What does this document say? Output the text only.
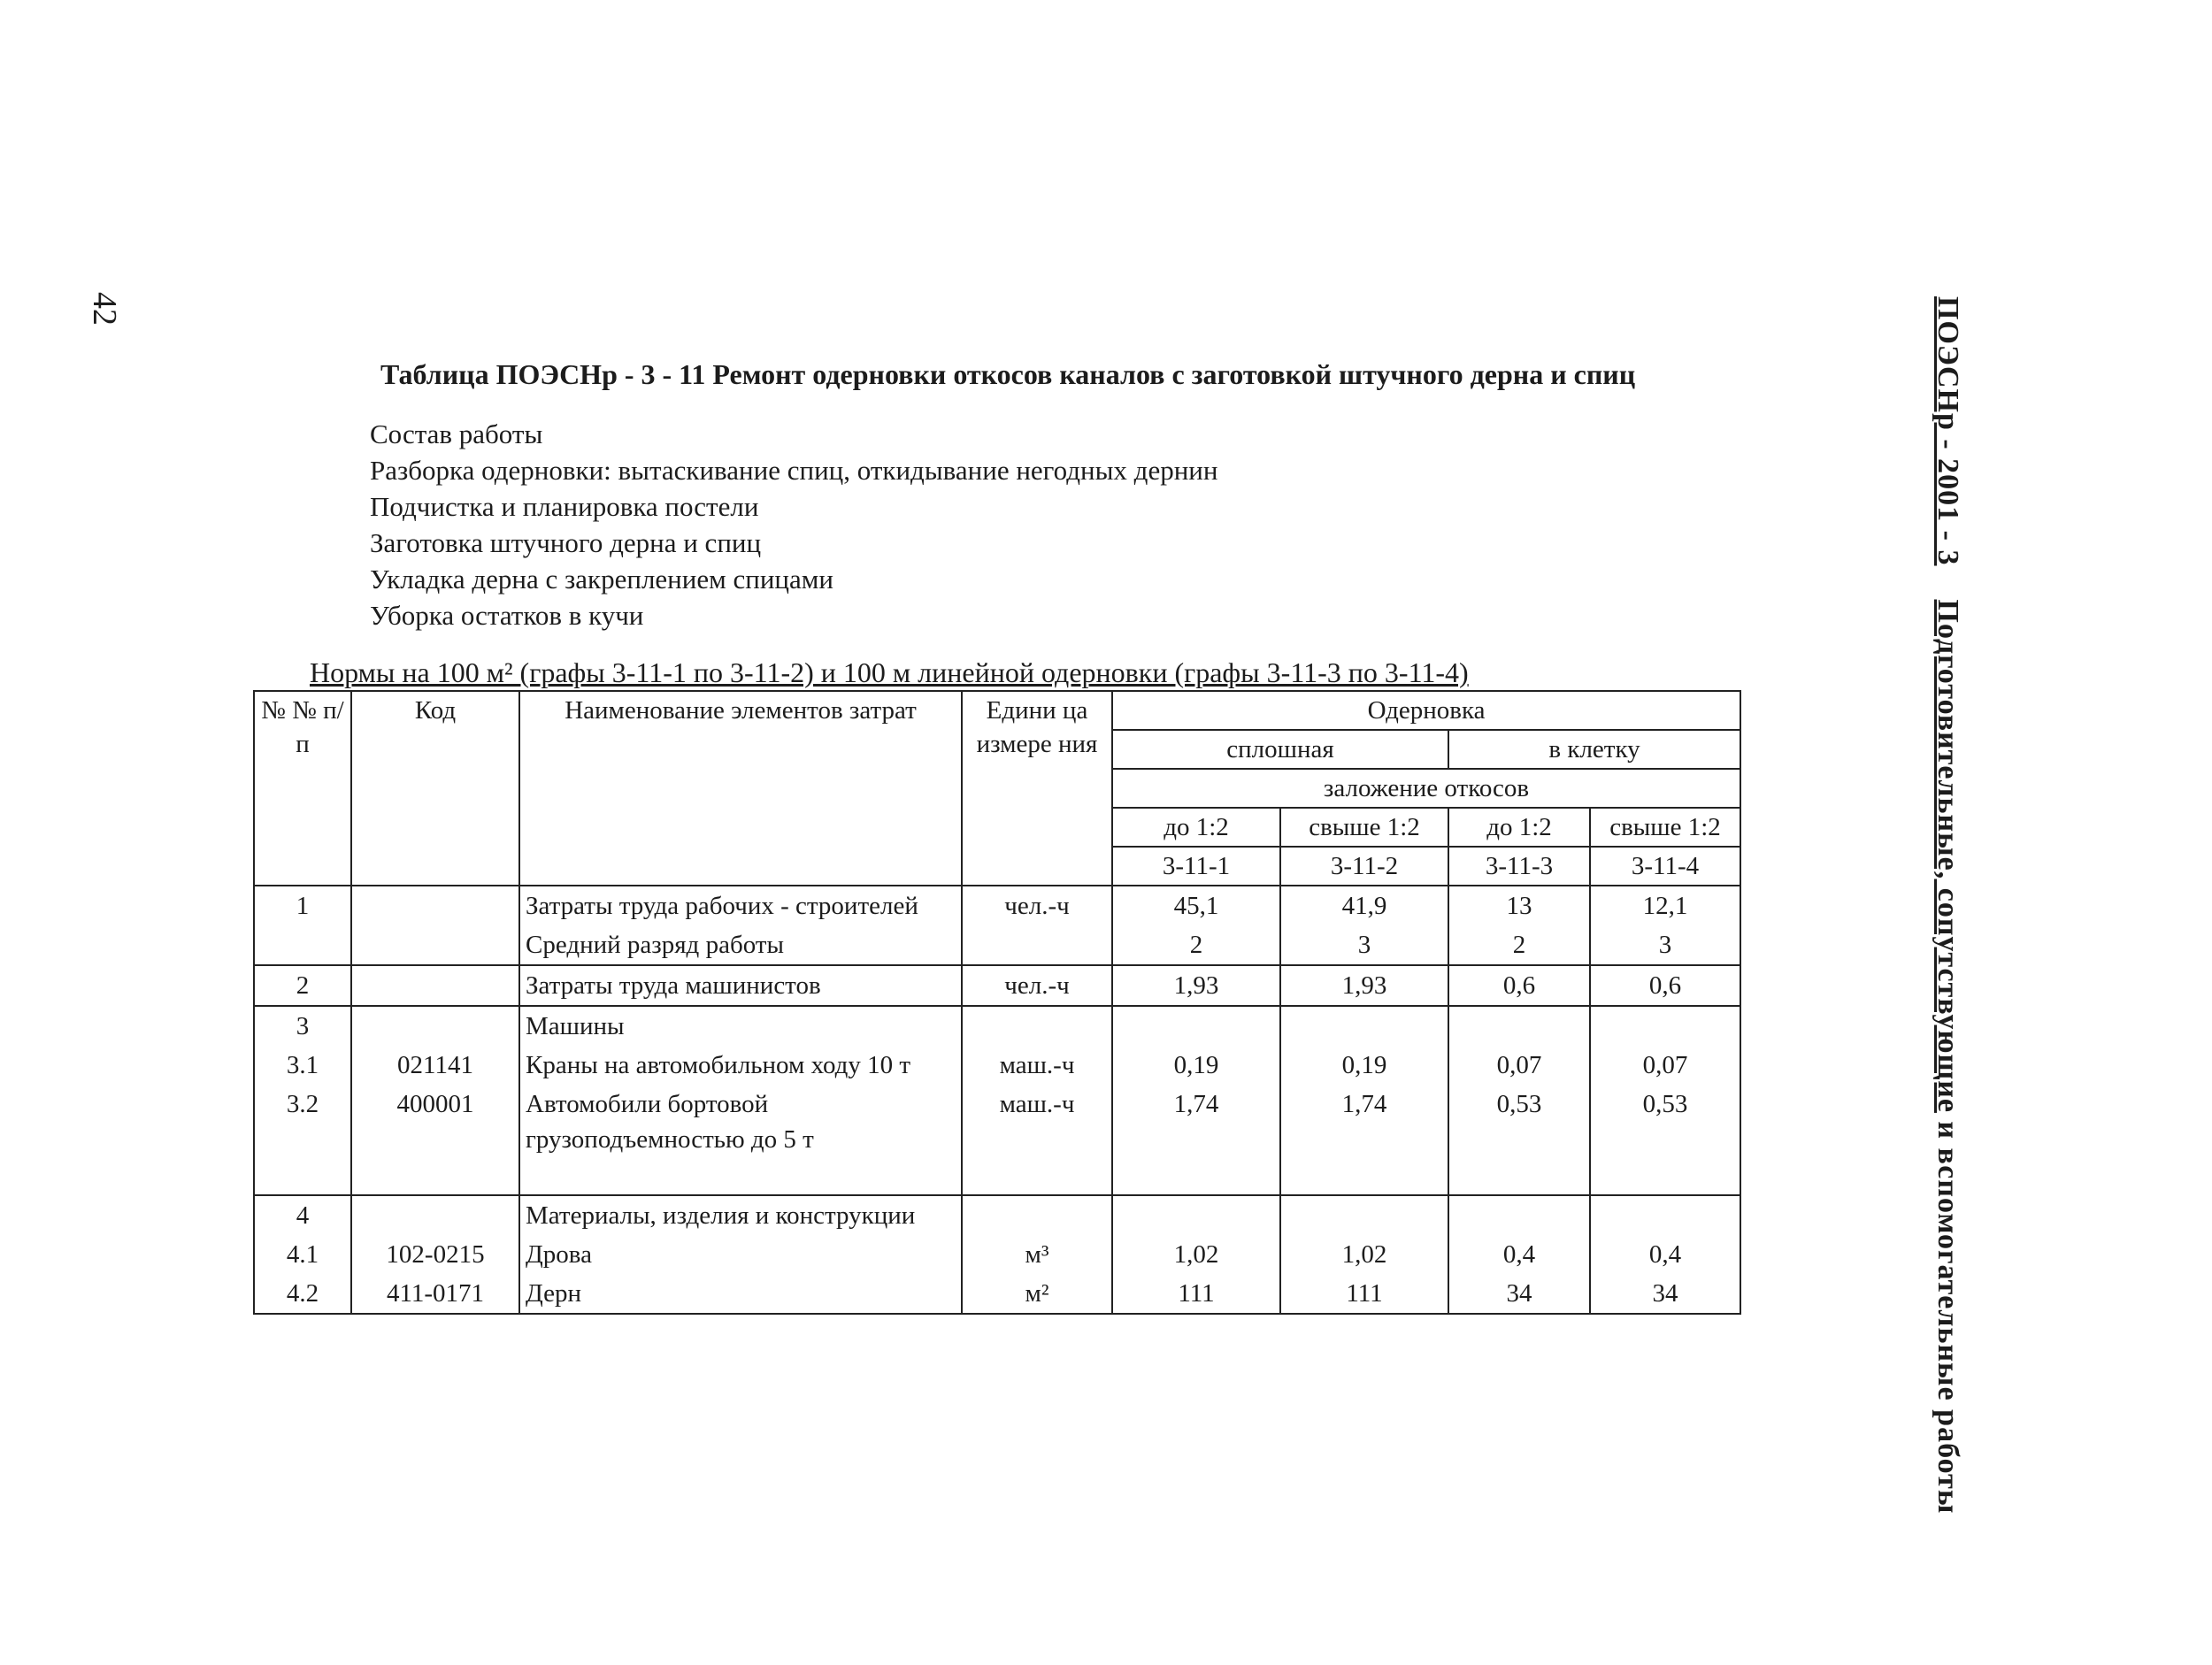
42	ПОЭСНр - 2001 - 3    Подготовительные, сопутствующие и вспомогательные работы
Таблица ПОЭСНр - 3 - 11 Ремонт одерновки откосов каналов с заготовкой штучного дерна и спиц
Состав работы
Разборка одерновки: вытаскивание спиц, откидывание негодных дернин
Подчистка и планировка постели
Заготовка штучного дерна и спиц
Укладка дерна с закреплением спицами
Уборка остатков в кучи
Нормы на 100 м² (графы 3-11-1 по 3-11-2) и 100 м линейной одерновки (графы 3-11-3 по 3-11-4)
№ № п/п	Код	Наименование элементов затрат	Едини ца измере ния	Одерновка			
				сплошная		в клетку	
				заложение откосов			
				до 1:2	свыше 1:2	до 1:2	свыше 1:2
				3-11-1	3-11-2	3-11-3	3-11-4
1		Затраты труда рабочих - строителей	чел.-ч	45,1	41,9	13	12,1
		Средний разряд работы		2	3	2	3
2		Затраты труда машинистов	чел.-ч	1,93	1,93	0,6	0,6
3		Машины					
3.1	021141	Краны на автомобильном ходу 10 т	маш.-ч	0,19	0,19	0,07	0,07
3.2	400001	Автомобили бортовой грузоподъемностью до 5 т	маш.-ч	1,74	1,74	0,53	0,53
4		Материалы, изделия и конструкции					
4.1	102-0215	Дрова	м³	1,02	1,02	0,4	0,4
4.2	411-0171	Дерн	м²	111	111	34	34
